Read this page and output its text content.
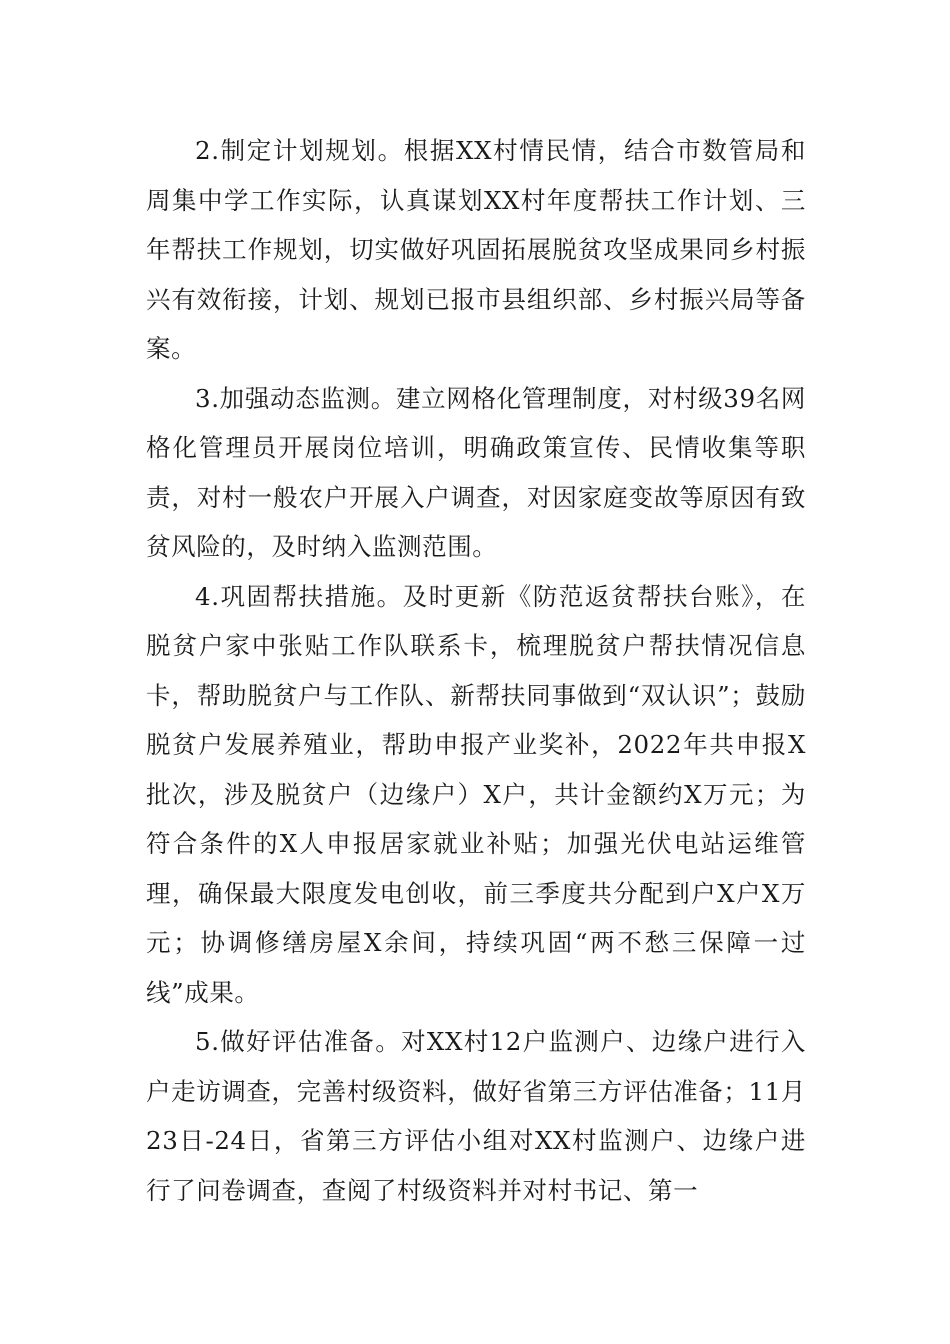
2.制定计划规划。根据XX村情民情，结合市数管局和周集中学工作实际，认真谋划XX村年度帮扶工作计划、三年帮扶工作规划，切实做好巩固拓展脱贫攻坚成果同乡村振兴有效衔接，计划、规划已报市县组织部、乡村振兴局等备案。

3.加强动态监测。建立网格化管理制度，对村级39名网格化管理员开展岗位培训，明确政策宣传、民情收集等职责，对村一般农户开展入户调查，对因家庭变故等原因有致贫风险的，及时纳入监测范围。

4.巩固帮扶措施。及时更新《防范返贫帮扶台账》，在脱贫户家中张贴工作队联系卡，梳理脱贫户帮扶情况信息卡，帮助脱贫户与工作队、新帮扶同事做到“双认识”；鼓励脱贫户发展养殖业，帮助申报产业奖补，2022年共申报X批次，涉及脱贫户（边缘户）X户，共计金额约X万元；为符合条件的X人申报居家就业补贴；加强光伏电站运维管理，确保最大限度发电创收，前三季度共分配到户X户X万元；协调修缮房屋X余间，持续巩固“两不愁三保障一过线”成果。

5.做好评估准备。对XX村12户监测户、边缘户进行入户走访调查，完善村级资料，做好省第三方评估准备；11月23日-24日，省第三方评估小组对XX村监测户、边缘户进行了问卷调查，查阅了村级资料并对村书记、第一
